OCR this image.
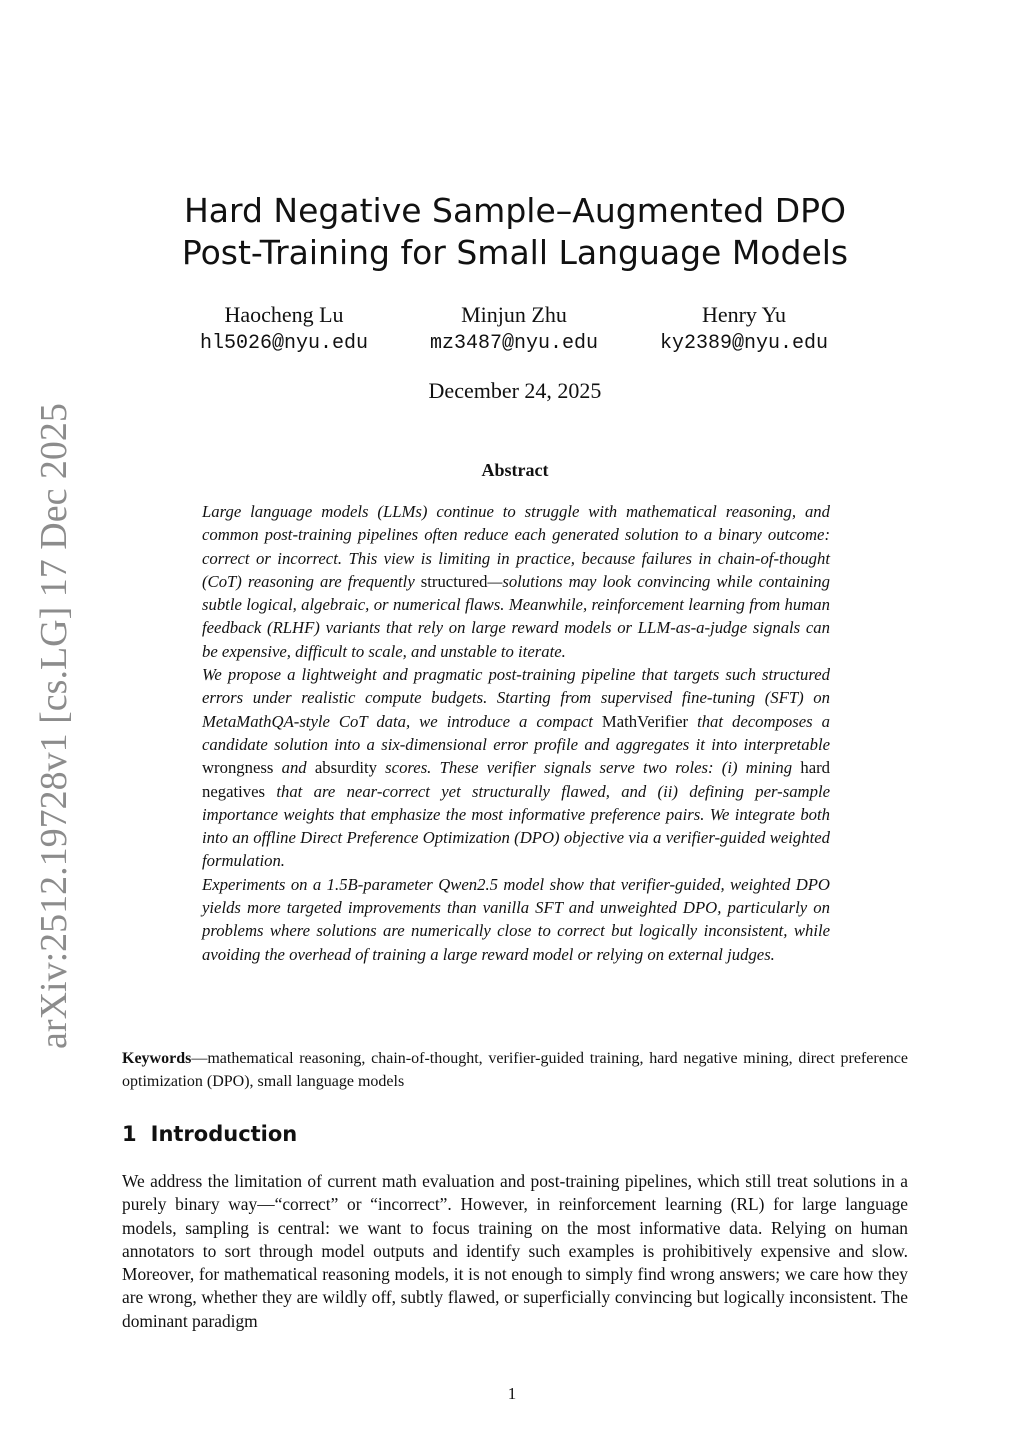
arXiv:2512.19728v1 [cs.LG] 17 Dec 2025
Hard Negative Sample–Augmented DPO
Post-Training for Small Language Models
Haocheng Lu
hl5026@nyu.edu
Minjun Zhu
mz3487@nyu.edu
Henry Yu
ky2389@nyu.edu
December 24, 2025
Abstract

Large language models (LLMs) continue to struggle with mathematical reasoning, and common post-training pipelines often reduce each generated solution to a binary outcome: correct or incorrect. This view is limiting in practice, because failures in chain-of-thought (CoT) reasoning are frequently structured—solutions may look convincing while containing subtle logical, algebraic, or numerical flaws. Meanwhile, reinforcement learning from human feedback (RLHF) variants that rely on large reward models or LLM-as-a-judge signals can be expensive, difficult to scale, and unstable to iterate.

We propose a lightweight and pragmatic post-training pipeline that targets such structured errors under realistic compute budgets. Starting from supervised fine-tuning (SFT) on MetaMathQA-style CoT data, we introduce a compact MathVerifier that decomposes a candidate solution into a six-dimensional error profile and aggregates it into interpretable wrongness and absurdity scores. These verifier signals serve two roles: (i) mining hard negatives that are near-correct yet structurally flawed, and (ii) defining per-sample importance weights that emphasize the most informative preference pairs. We integrate both into an offline Direct Preference Optimization (DPO) objective via a verifier-guided weighted formulation.

Experiments on a 1.5B-parameter Qwen2.5 model show that verifier-guided, weighted DPO yields more targeted improvements than vanilla SFT and unweighted DPO, particularly on problems where solutions are numerically close to correct but logically inconsistent, while avoiding the overhead of training a large reward model or relying on external judges.

Keywords—mathematical reasoning, chain-of-thought, verifier-guided training, hard negative mining, direct preference optimization (DPO), small language models
1 Introduction

We address the limitation of current math evaluation and post-training pipelines, which still treat solutions in a purely binary way—“correct” or “incorrect”. However, in reinforcement learning (RL) for large language models, sampling is central: we want to focus training on the most informative data. Relying on human annotators to sort through model outputs and identify such examples is prohibitively expensive and slow. Moreover, for mathematical reasoning models, it is not enough to simply find wrong answers; we care how they are wrong, whether they are wildly off, subtly flawed, or superficially convincing but logically inconsistent. The dominant paradigm

1
